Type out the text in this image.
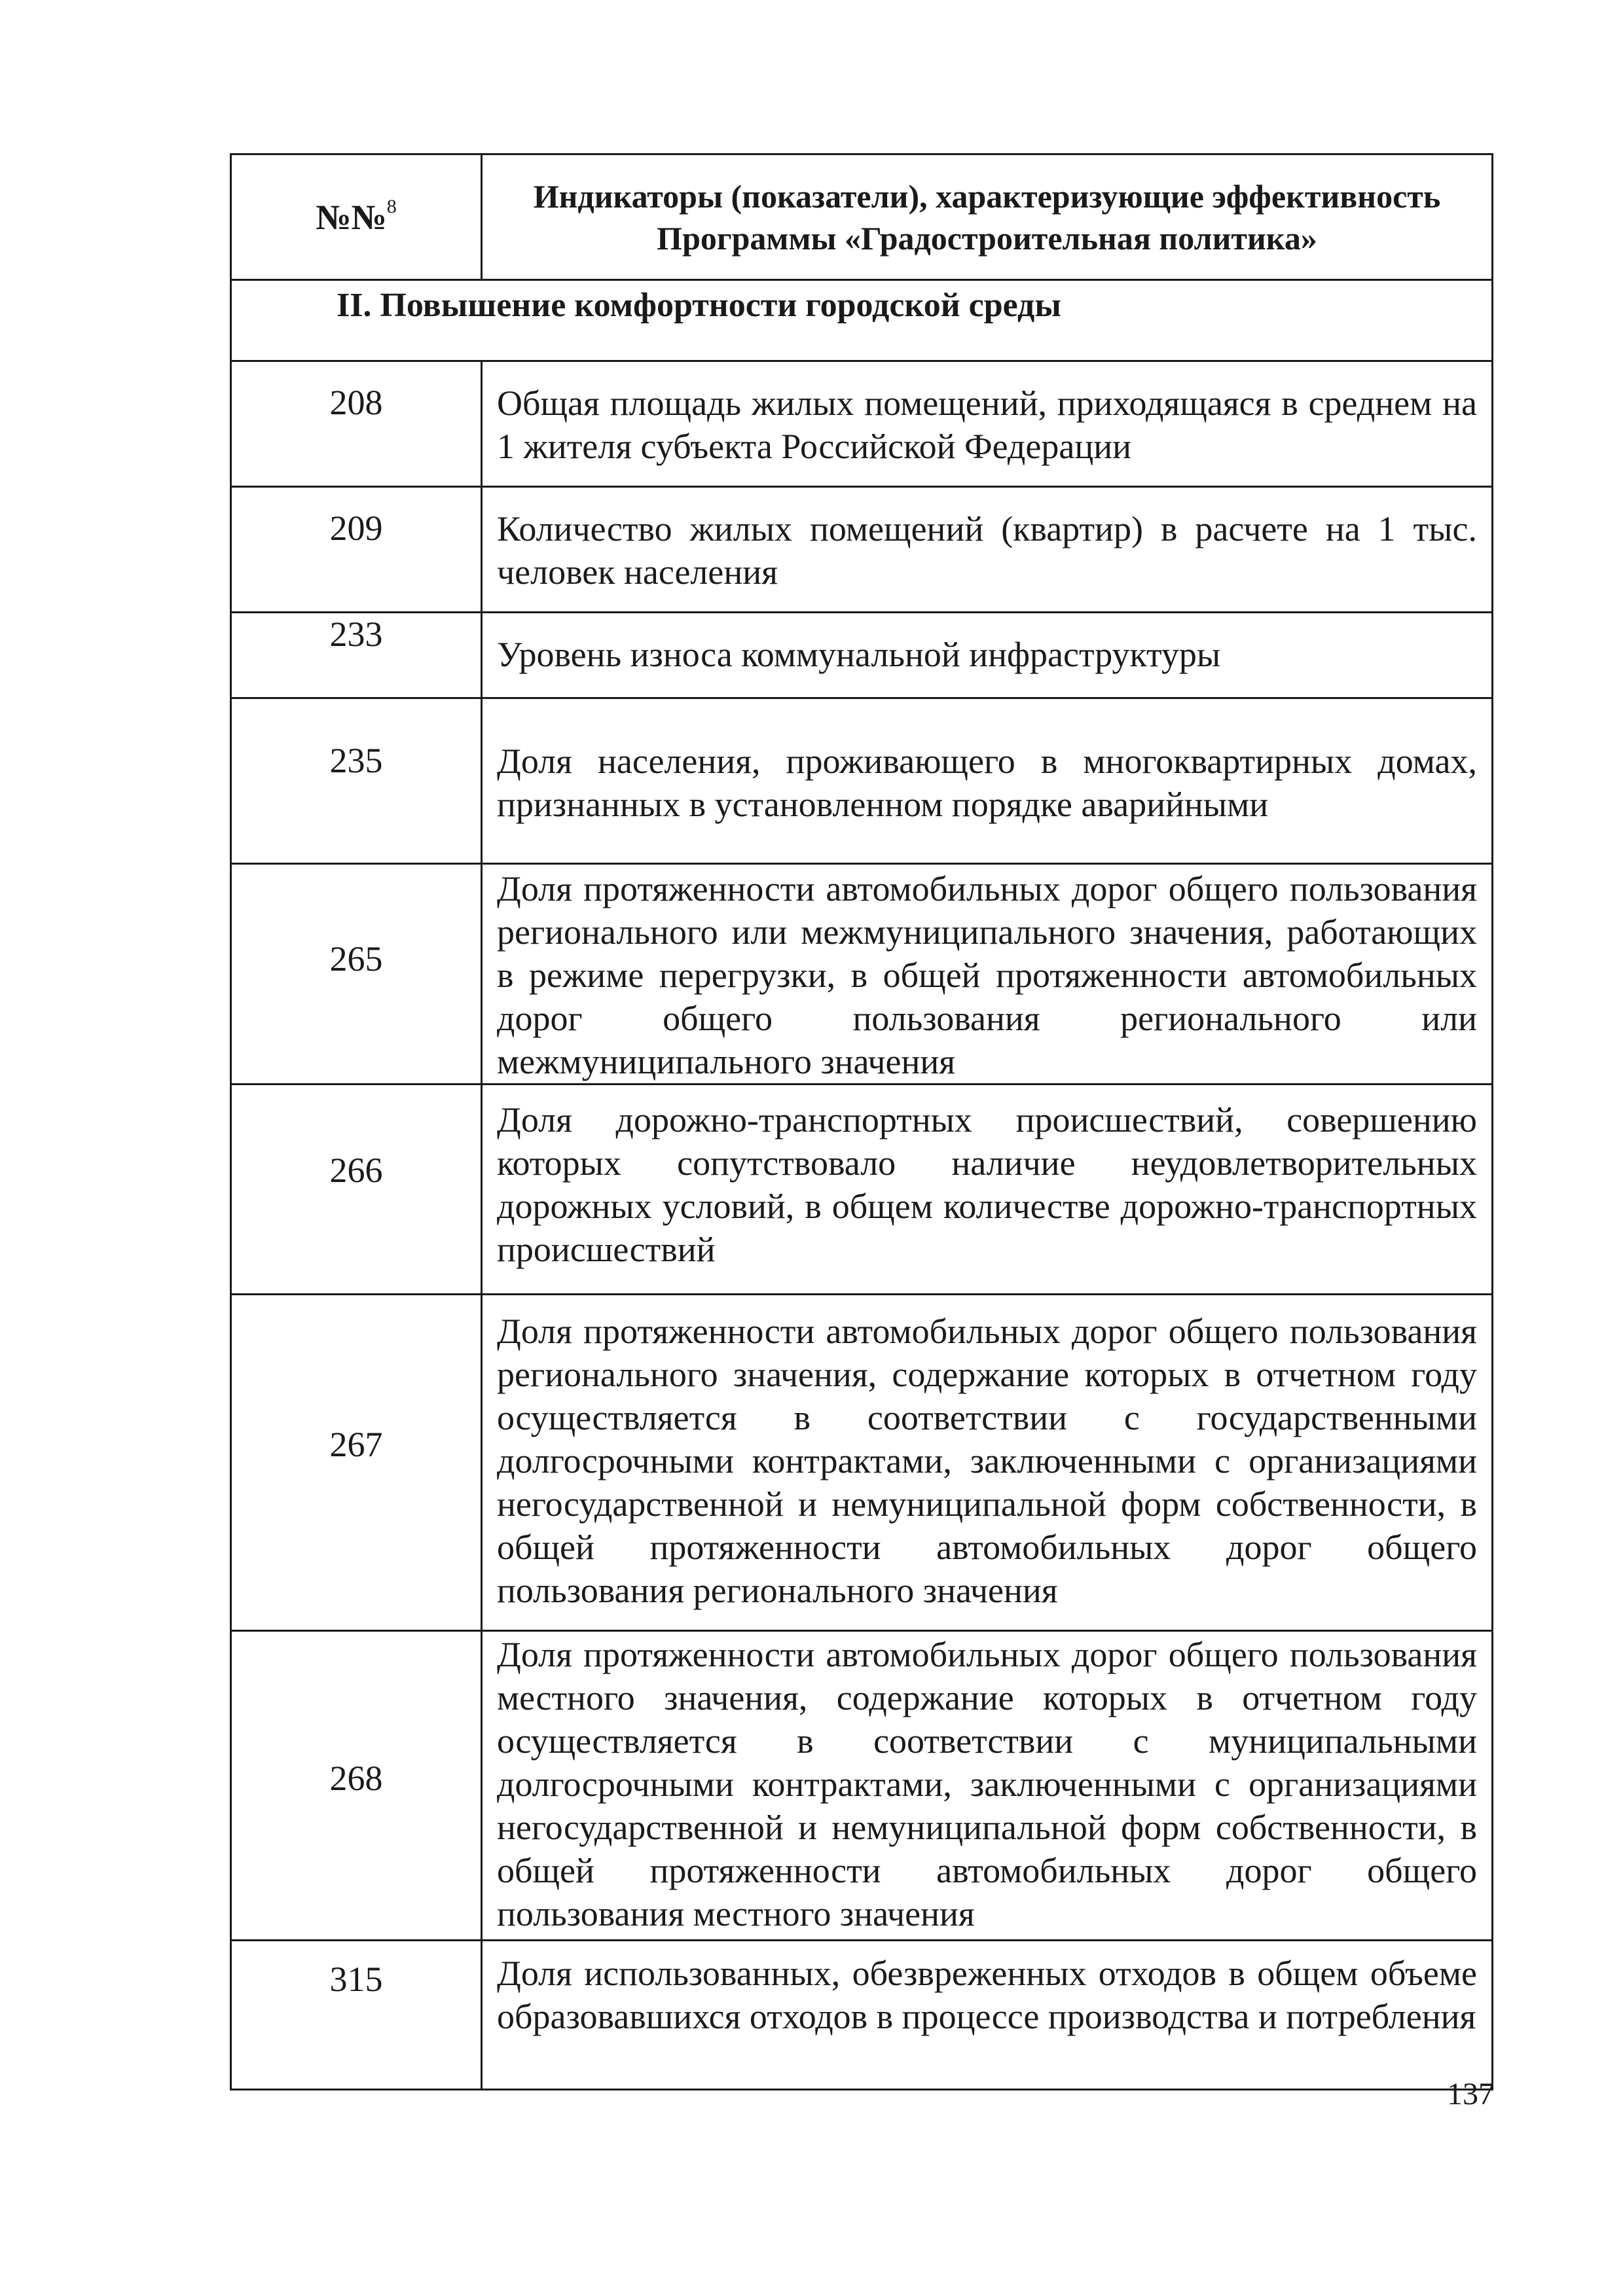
№№$^8$	Индикаторы (показатели), характеризующие эффективность Программы «Градостроительная политика»
II. Повышение комфортности городской среды	
208	Общая площадь жилых помещений, приходящаяся в среднем на 1 жителя субъекта Российской Федерации
209	Количество жилых помещений (квартир) в расчете на 1 тыс. человек населения
233	Уровень износа коммунальной инфраструктуры
235	Доля населения, проживающего в многоквартирных домах, признанных в установленном порядке аварийными
265	Доля протяженности автомобильных дорог общего пользования регионального или межмуниципального значения, работающих в режиме перегрузки, в общей протяженности автомобильных дорог общего пользования регионального или межмуниципального значения
266	Доля дорожно-транспортных происшествий, совершению которых сопутствовало наличие неудовлетворительных дорожных условий, в общем количестве дорожно-транспортных происшествий
267	Доля протяженности автомобильных дорог общего пользования регионального значения, содержание которых в отчетном году осуществляется в соответствии с государственными долгосрочными контрактами, заключенными с организациями негосударственной и немуниципальной форм собственности, в общей протяженности автомобильных дорог общего пользования регионального значения
268	Доля протяженности автомобильных дорог общего пользования местного значения, содержание которых в отчетном году осуществляется в соответствии с муниципальными долгосрочными контрактами, заключенными с организациями негосударственной и немуниципальной форм собственности, в общей протяженности автомобильных дорог общего пользования местного значения
315	Доля использованных, обезвреженных отходов в общем объеме образовавшихся отходов в процессе производства и потребления
137
